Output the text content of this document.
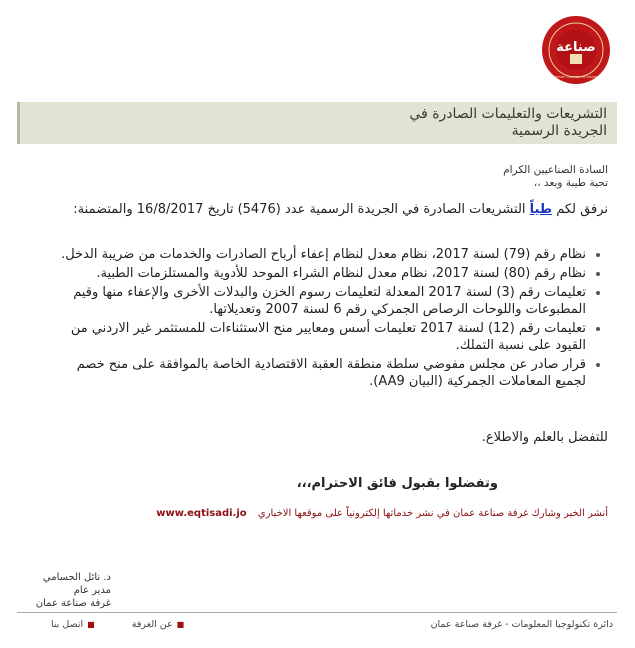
صناعة
Amman Chamber of Industry
التشريعات والتعليمات الصادرة في
الجريدة الرسمية
السادة الصناعيين الكرام
تحية طيبة وبعد ،،
نرفق لكم طياً التشريعات الصادرة في الجريدة الرسمية عدد (5476) تاريخ 16/8/2017 والمتضمنة:
نظام رقم (79) لسنة 2017، نظام معدل لنظام إعفاء أرباح الصادرات والخدمات من ضريبة الدخل.
نظام رقم (80) لسنة 2017، نظام معدل لنظام الشراء الموحد للأدوية والمستلزمات الطبية.
تعليمات رقم (3) لسنة 2017 المعدلة لتعليمات رسوم الخزن والبدلات الأخرى والإعفاء منها وقيم المطبوعات واللوحات الرصاص الجمركي رقم 6 لسنة 2007 وتعديلاتها.
تعليمات رقم (12) لسنة 2017 تعليمات أسس ومعايير منح الاستثناءات للمستثمر غير الاردني من القيود على نسبة التملك.
قرار صادر عن مجلس مفوضي سلطة منطقة العقبة الاقتصادية الخاصة بالموافقة على منح خصم لجميع المعاملات الجمركية (البيان AA9).
للتفضل بالعلم والاطلاع.
وتفضلوا بقبول فائق الاحترام،،،
أنشر الخبر وشارك غرفة صناعة عمان في نشر خدماتها إلكترونياً على موقعها الاخباري www.eqtisadi.jo
د. نائل الحسامي
مدير عام
غرفة صناعة عمان
دائرة تكنولوجيا المعلومات - غرفة صناعة عمان
■عن الغرفة ■اتصل بنا
